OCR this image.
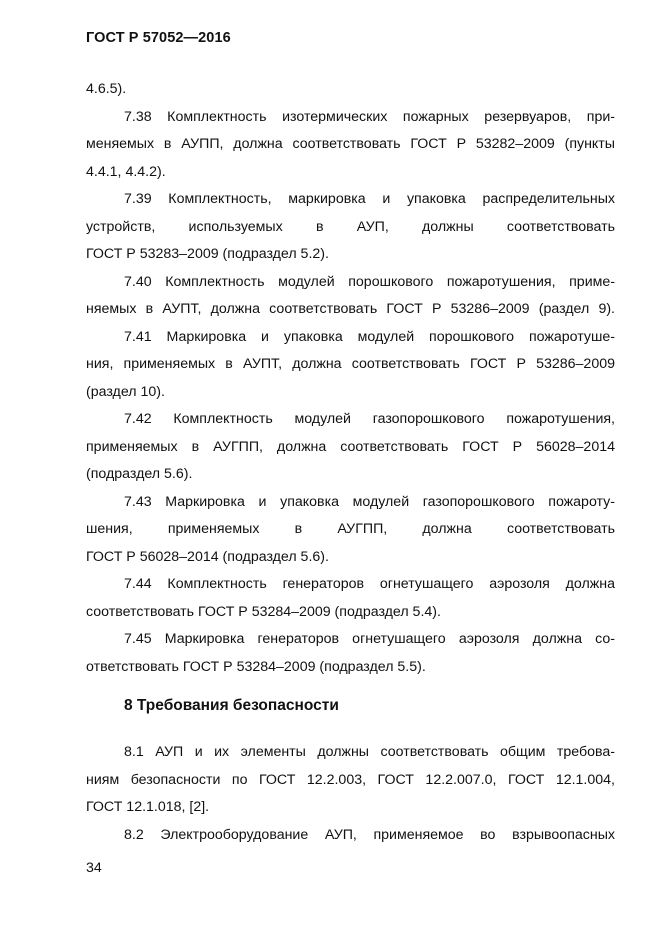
ГОСТ Р 57052—2016
4.6.5).
7.38 Комплектность изотермических пожарных резервуаров, при-
меняемых в АУПП, должна соответствовать ГОСТ Р 53282–2009 (пункты
4.4.1, 4.4.2).
7.39 Комплектность, маркировка и упаковка распределительных
устройств, используемых в АУП, должны соответствовать
ГОСТ Р 53283–2009 (подраздел 5.2).
7.40 Комплектность модулей порошкового пожаротушения, приме-
няемых в АУПТ, должна соответствовать ГОСТ Р 53286–2009 (раздел 9).
7.41 Маркировка и упаковка модулей порошкового пожаротуше-
ния, применяемых в АУПТ, должна соответствовать ГОСТ Р 53286–2009
(раздел 10).
7.42 Комплектность модулей газопорошкового пожаротушения,
применяемых в АУГПП, должна соответствовать ГОСТ Р 56028–2014
(подраздел 5.6).
7.43 Маркировка и упаковка модулей газопорошкового пожароту-
шения, применяемых в АУГПП, должна соответствовать
ГОСТ Р 56028–2014 (подраздел 5.6).
7.44 Комплектность генераторов огнетушащего аэрозоля должна
соответствовать ГОСТ Р 53284–2009 (подраздел 5.4).
7.45 Маркировка генераторов огнетушащего аэрозоля должна со-
ответствовать ГОСТ Р 53284–2009 (подраздел 5.5).
8 Требования безопасности
8.1 АУП и их элементы должны соответствовать общим требова-
ниям безопасности по ГОСТ 12.2.003, ГОСТ 12.2.007.0, ГОСТ 12.1.004,
ГОСТ 12.1.018, [2].
8.2 Электрооборудование АУП, применяемое во взрывоопасных
34
